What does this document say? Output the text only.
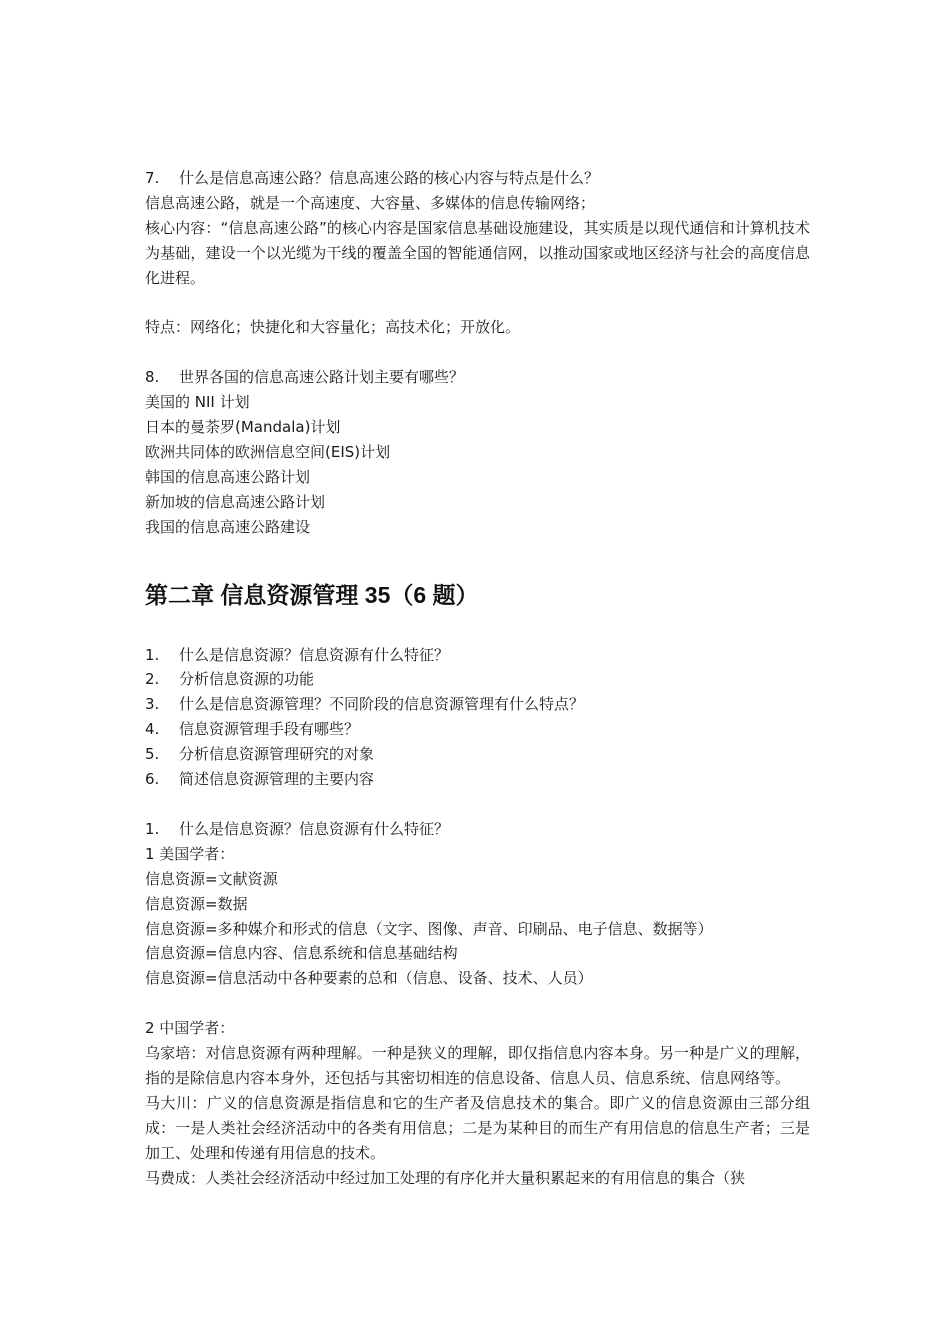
7. 什么是信息高速公路？信息高速公路的核心内容与特点是什么？

信息高速公路，就是一个高速度、大容量、多媒体的信息传输网络；

核心内容：“信息高速公路”的核心内容是国家信息基础设施建设，其实质是以现代通信和计算机技术为基础，建设一个以光缆为干线的覆盖全国的智能通信网，以推动国家或地区经济与社会的高度信息化进程。

特点：网络化；快捷化和大容量化；高技术化；开放化。

8. 世界各国的信息高速公路计划主要有哪些？

美国的 NII 计划

日本的曼荼罗(Mandala)计划

欧洲共同体的欧洲信息空间(EIS)计划

韩国的信息高速公路计划

新加坡的信息高速公路计划

我国的信息高速公路建设

第二章 信息资源管理 35（6 题）

1. 什么是信息资源？信息资源有什么特征？

2. 分析信息资源的功能

3. 什么是信息资源管理？不同阶段的信息资源管理有什么特点？

4. 信息资源管理手段有哪些？

5. 分析信息资源管理研究的对象

6. 简述信息资源管理的主要内容

1. 什么是信息资源？信息资源有什么特征？

1 美国学者：

信息资源=文献资源

信息资源=数据

信息资源=多种媒介和形式的信息（文字、图像、声音、印刷品、电子信息、数据等）

信息资源=信息内容、信息系统和信息基础结构

信息资源=信息活动中各种要素的总和（信息、设备、技术、人员）

2 中国学者：

乌家培：对信息资源有两种理解。一种是狭义的理解，即仅指信息内容本身。另一种是广义的理解，指的是除信息内容本身外，还包括与其密切相连的信息设备、信息人员、信息系统、信息网络等。

马大川：广义的信息资源是指信息和它的生产者及信息技术的集合。即广义的信息资源由三部分组成：一是人类社会经济活动中的各类有用信息；二是为某种目的而生产有用信息的信息生产者；三是加工、处理和传递有用信息的技术。

马费成：人类社会经济活动中经过加工处理的有序化并大量积累起来的有用信息的集合（狭
